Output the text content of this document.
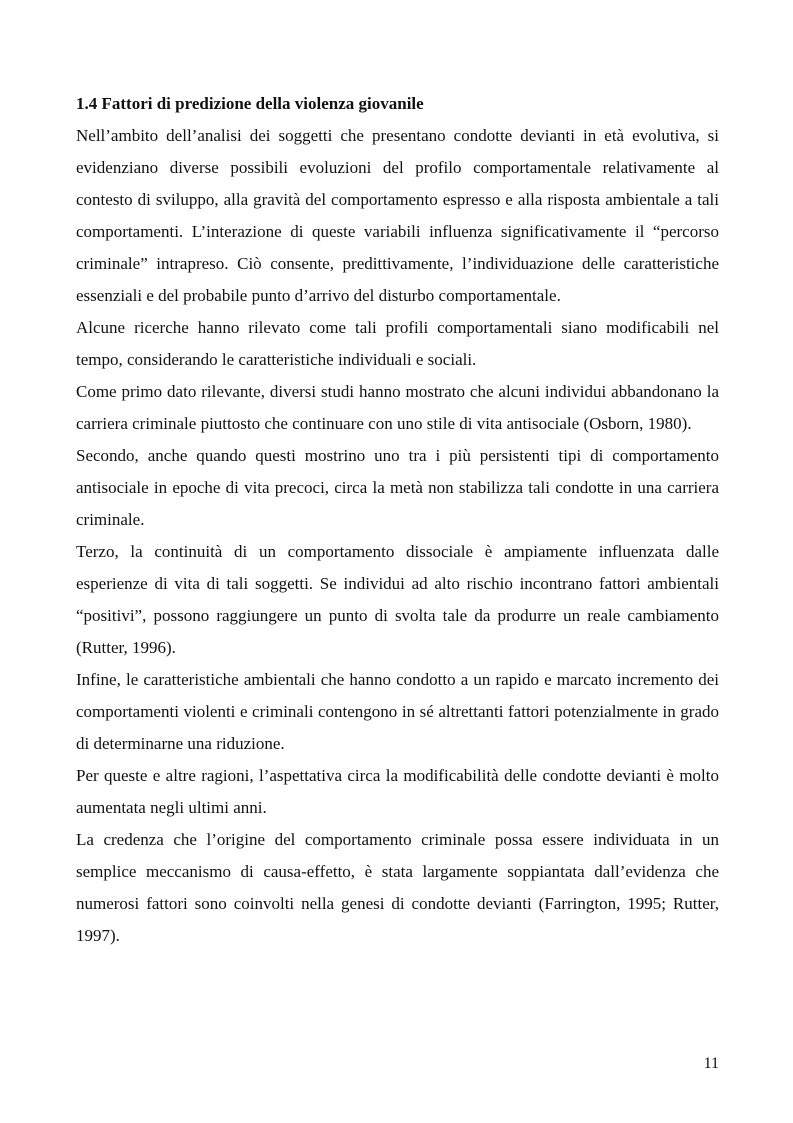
1.4 Fattori di predizione della violenza giovanile

Nell’ambito dell’analisi dei soggetti che presentano condotte devianti in età evolutiva, si evidenziano diverse possibili evoluzioni del profilo comportamentale relativamente al contesto di sviluppo, alla gravità del comportamento espresso e alla risposta ambientale a tali comportamenti. L’interazione di queste variabili influenza significativamente il “percorso criminale” intrapreso. Ciò consente, predittivamente, l’individuazione delle caratteristiche essenziali e del probabile punto d’arrivo del disturbo comportamentale.

Alcune ricerche hanno rilevato come tali profili comportamentali siano modificabili nel tempo, considerando le caratteristiche individuali e sociali.

Come primo dato rilevante, diversi studi hanno mostrato che alcuni individui abbandonano la carriera criminale piuttosto che continuare con uno stile di vita antisociale (Osborn, 1980).

Secondo, anche quando questi mostrino uno tra i più persistenti tipi di comportamento antisociale in epoche di vita precoci, circa la metà non stabilizza tali condotte in una carriera criminale.

Terzo, la continuità di un comportamento dissociale è ampiamente influenzata dalle esperienze di vita di tali soggetti. Se individui ad alto rischio incontrano fattori ambientali “positivi”, possono raggiungere un punto di svolta tale da produrre un reale cambiamento (Rutter, 1996).

Infine, le caratteristiche ambientali che hanno condotto a un rapido e marcato incremento dei comportamenti violenti e criminali contengono in sé altrettanti fattori potenzialmente in grado di determinarne una riduzione.

Per queste e altre ragioni, l’aspettativa circa la modificabilità delle condotte devianti è molto aumentata negli ultimi anni.

La credenza che l’origine del comportamento criminale possa essere individuata in un semplice meccanismo di causa-effetto, è stata largamente soppiantata dall’evidenza che numerosi fattori sono coinvolti nella genesi di condotte devianti (Farrington, 1995; Rutter, 1997).

11
